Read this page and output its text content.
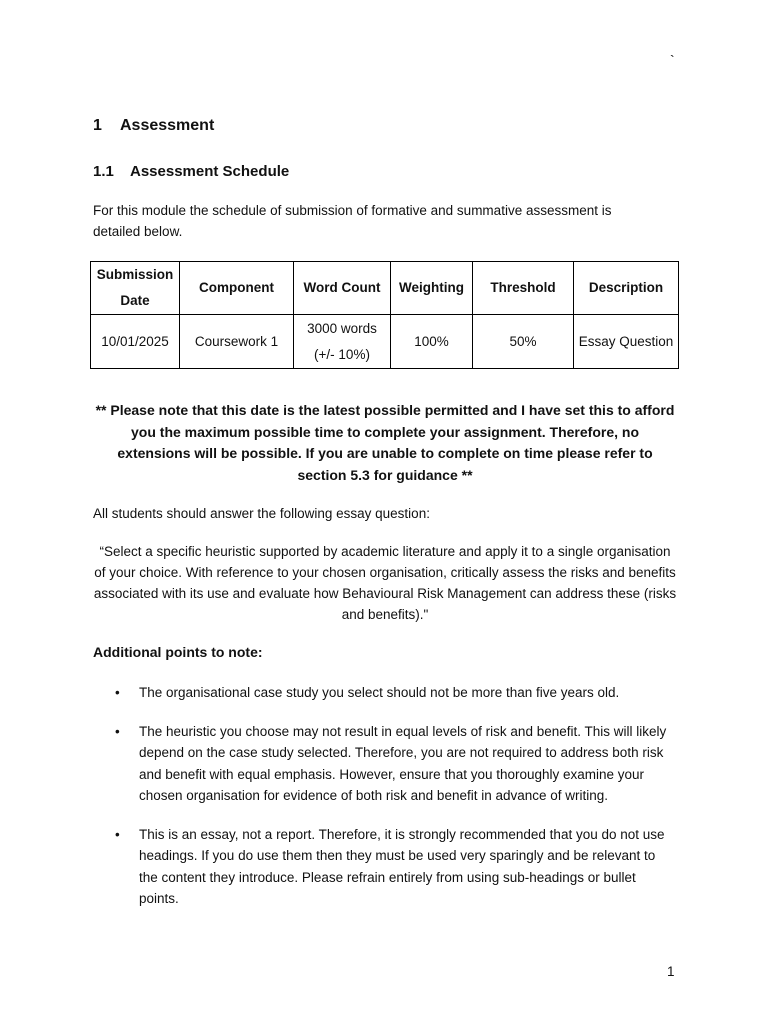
`
1 Assessment
1.1 Assessment Schedule
For this module the schedule of submission of formative and summative assessment is detailed below.
Submission Date	Component	Word Count	Weighting	Threshold	Description
10/01/2025	Coursework 1	3000 words (+/- 10%)	100%	50%	Essay Question
** Please note that this date is the latest possible permitted and I have set this to afford you the maximum possible time to complete your assignment. Therefore, no extensions will be possible. If you are unable to complete on time please refer to section 5.3 for guidance **
All students should answer the following essay question:
“Select a specific heuristic supported by academic literature and apply it to a single organisation of your choice. With reference to your chosen organisation, critically assess the risks and benefits associated with its use and evaluate how Behavioural Risk Management can address these (risks and benefits)."
Additional points to note:
• The organisational case study you select should not be more than five years old.
• The heuristic you choose may not result in equal levels of risk and benefit. This will likely depend on the case study selected. Therefore, you are not required to address both risk and benefit with equal emphasis. However, ensure that you thoroughly examine your chosen organisation for evidence of both risk and benefit in advance of writing.
• This is an essay, not a report. Therefore, it is strongly recommended that you do not use headings. If you do use them then they must be used very sparingly and be relevant to the content they introduce. Please refrain entirely from using sub-headings or bullet points.
1
